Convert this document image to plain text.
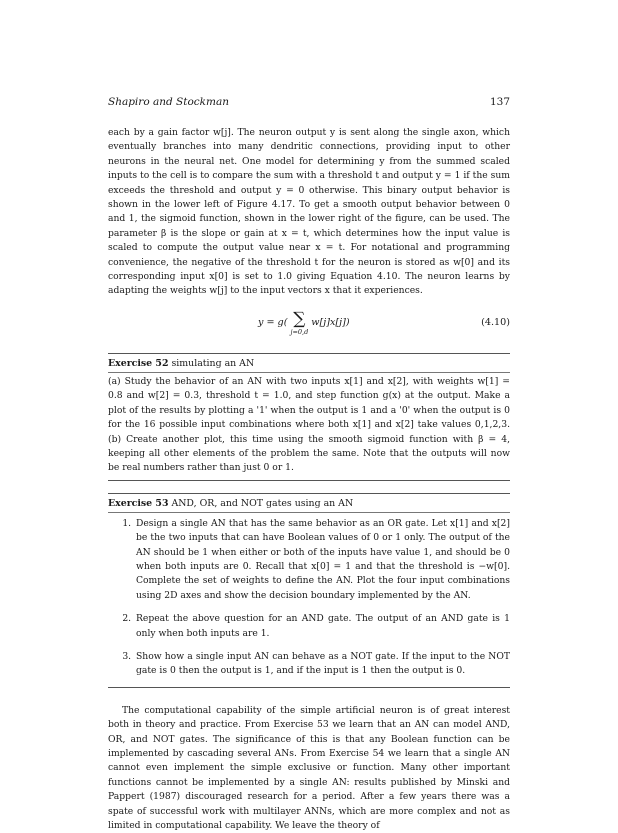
Shapiro and Stockman	137

each by a gain factor w[j]. The neuron output y is sent along the single axon, which eventually branches into many dendritic connections, providing input to other neurons in the neural net. One model for determining y from the summed scaled inputs to the cell is to compare the sum with a threshold t and output y = 1 if the sum exceeds the threshold and output y = 0 otherwise. This binary output behavior is shown in the lower left of Figure 4.17. To get a smooth output behavior between 0 and 1, the sigmoid function, shown in the lower right of the figure, can be used. The parameter β is the slope or gain at x = t, which determines how the input value is scaled to compute the output value near x = t. For notational and programming convenience, the negative of the threshold t for the neuron is stored as w[0] and its corresponding input x[0] is set to 1.0 giving Equation 4.10. The neuron learns by adapting the weights w[j] to the input vectors x that it experiences.

y = g( ∑
j=0,d
w[j]x[j])	(4.10)
Exercise 52 simulating an AN

(a) Study the behavior of an AN with two inputs x[1] and x[2], with weights w[1] = 0.8 and w[2] = 0.3, threshold t = 1.0, and step function g(x) at the output. Make a plot of the results by plotting a '1' when the output is 1 and a '0' when the output is 0 for the 16 possible input combinations where both x[1] and x[2] take values 0,1,2,3. (b) Create another plot, this time using the smooth sigmoid function with β = 4, keeping all other elements of the problem the same. Note that the outputs will now be real numbers rather than just 0 or 1.

Exercise 53 AND, OR, and NOT gates using an AN
1. Design a single AN that has the same behavior as an OR gate. Let x[1] and x[2] be the two inputs that can have Boolean values of 0 or 1 only. The output of the AN should be 1 when either or both of the inputs have value 1, and should be 0 when both inputs are 0. Recall that x[0] = 1 and that the threshold is −w[0]. Complete the set of weights to define the AN. Plot the four input combinations using 2D axes and show the decision boundary implemented by the AN.
2. Repeat the above question for an AND gate. The output of an AND gate is 1 only when both inputs are 1.
3. Show how a single input AN can behave as a NOT gate. If the input to the NOT gate is 0 then the output is 1, and if the input is 1 then the output is 0.

The computational capability of the simple artificial neuron is of great interest both in theory and practice. From Exercise 53 we learn that an AN can model AND, OR, and NOT gates. The significance of this is that any Boolean function can be implemented by cascading several ANs. From Exercise 54 we learn that a single AN cannot even implement the simple exclusive or function. Many other important functions cannot be implemented by a single AN: results published by Minski and Pappert (1987) discouraged research for a period. After a few years there was a spate of successful work with multilayer ANNs, which are more complex and not as limited in computational capability. We leave the theory of
